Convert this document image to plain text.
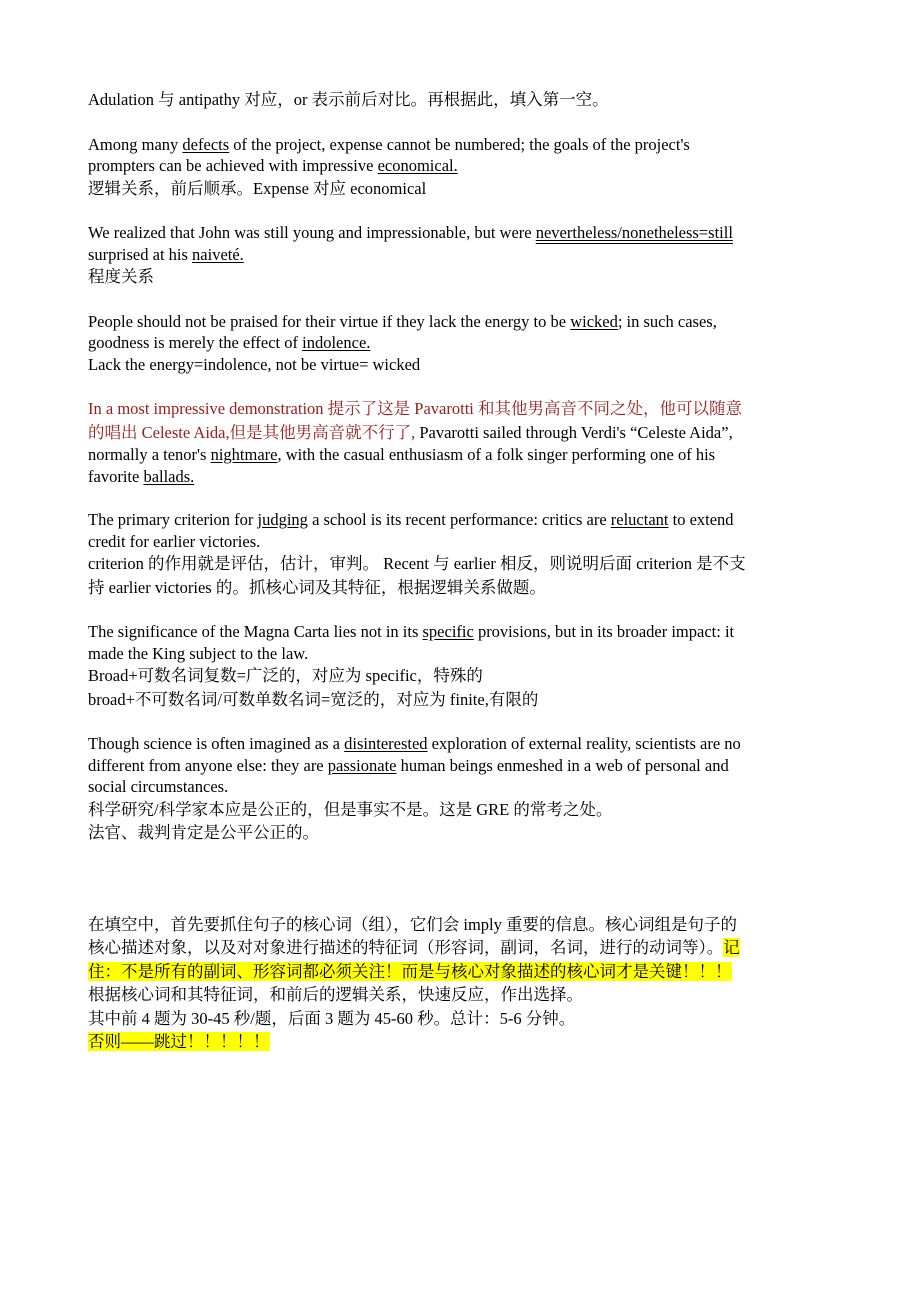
Adulation 与 antipathy 对应，or 表示前后对比。再根据此，填入第一空。
Among many defects of the project, expense cannot be numbered; the goals of the project's
prompters can be achieved with impressive economical.
逻辑关系，前后顺承。Expense 对应 economical
We realized that John was still young and impressionable, but were nevertheless/nonetheless=still
surprised at his naiveté.
程度关系
People should not be praised for their virtue if they lack the energy to be wicked; in such cases,
goodness is merely the effect of indolence.
Lack the energy=indolence, not be virtue= wicked
In a most impressive demonstration 提示了这是 Pavarotti 和其他男高音不同之处，他可以随意
的唱出 Celeste Aida,但是其他男高音就不行了, Pavarotti sailed through Verdi's “Celeste Aida”,
normally a tenor's nightmare, with the casual enthusiasm of a folk singer performing one of his
favorite ballads.
The primary criterion for judging a school is its recent performance: critics are reluctant to extend
credit for earlier victories.
criterion 的作用就是评估，估计，审判。 Recent 与 earlier 相反，则说明后面 criterion 是不支
持 earlier victories 的。抓核心词及其特征，根据逻辑关系做题。
The significance of the Magna Carta lies not in its specific provisions, but in its broader impact: it
made the King subject to the law.
Broad+可数名词复数=广泛的，对应为 specific，特殊的
broad+不可数名词/可数单数名词=宽泛的，对应为 finite,有限的
Though science is often imagined as a disinterested exploration of external reality, scientists are no
different from anyone else: they are passionate human beings enmeshed in a web of personal and
social circumstances.
科学研究/科学家本应是公正的，但是事实不是。这是 GRE 的常考之处。
法官、裁判肯定是公平公正的。
在填空中，首先要抓住句子的核心词（组），它们会 imply 重要的信息。核心词组是句子的
核心描述对象，以及对对象进行描述的特征词（形容词，副词，名词，进行的动词等）。记
住：不是所有的副词、形容词都必须关注！而是与核心对象描述的核心词才是关键！！！
根据核心词和其特征词，和前后的逻辑关系，快速反应，作出选择。
其中前 4 题为 30-45 秒/题，后面 3 题为 45-60 秒。总计：5-6 分钟。
否则——跳过！！！！！
